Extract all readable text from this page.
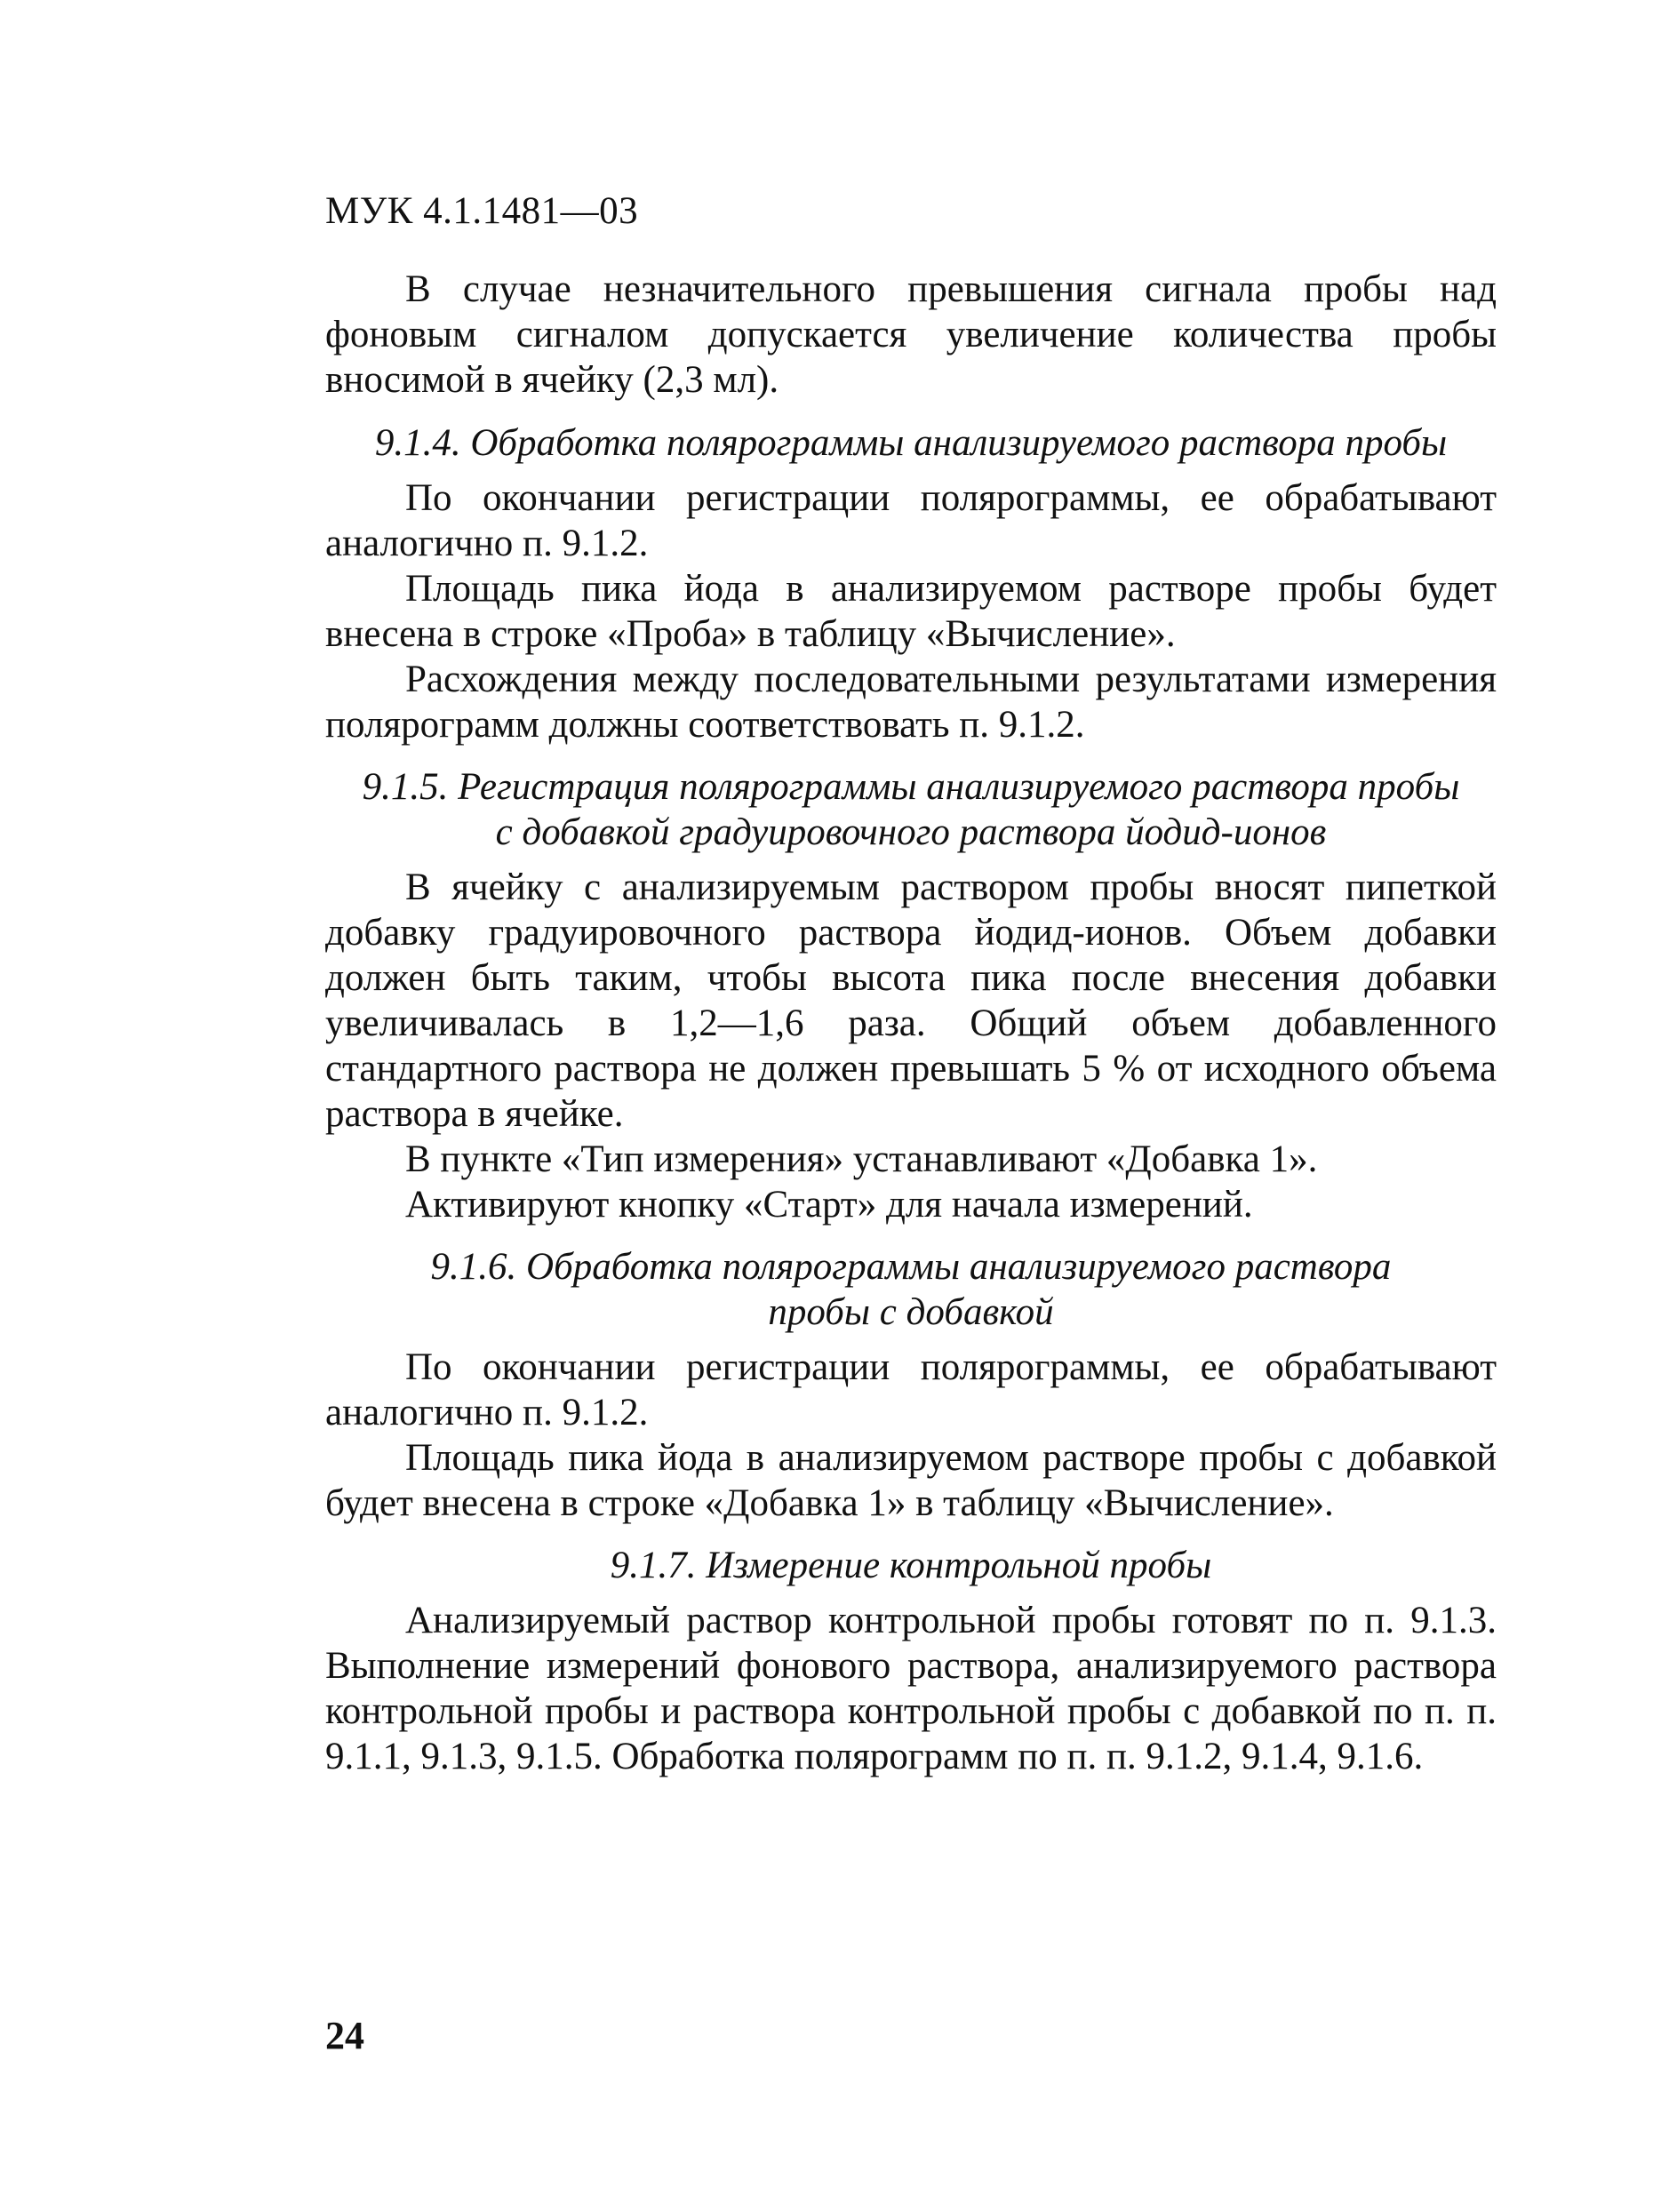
МУК 4.1.1481—03

В случае незначительного превышения сигнала пробы над фоновым сигналом допускается увеличение количества пробы вносимой в ячейку (2,3 мл).

9.1.4. Обработка полярограммы анализируемого раствора пробы

По окончании регистрации полярограммы, ее обрабатывают аналогично п. 9.1.2.

Площадь пика йода в анализируемом растворе пробы будет внесена в строке «Проба» в таблицу «Вычисление».

Расхождения между последовательными результатами измерения полярограмм должны соответствовать п. 9.1.2.

9.1.5. Регистрация полярограммы анализируемого раствора пробы
с добавкой градуировочного раствора йодид-ионов

В ячейку с анализируемым раствором пробы вносят пипеткой добавку градуировочного раствора йодид-ионов. Объем добавки должен быть таким, чтобы высота пика после внесения добавки увеличивалась в 1,2—1,6 раза. Общий объем добавленного стандартного раствора не должен превышать 5 % от исходного объема раствора в ячейке.

В пункте «Тип измерения» устанавливают «Добавка 1».

Активируют кнопку «Старт» для начала измерений.

9.1.6. Обработка полярограммы анализируемого раствора
пробы с добавкой

По окончании регистрации полярограммы, ее обрабатывают аналогично п. 9.1.2.

Площадь пика йода в анализируемом растворе пробы с добавкой будет внесена в строке «Добавка 1» в таблицу «Вычисление».

9.1.7. Измерение контрольной пробы

Анализируемый раствор контрольной пробы готовят по п. 9.1.3. Выполнение измерений фонового раствора, анализируемого раствора контрольной пробы и раствора контрольной пробы с добавкой по п. п. 9.1.1, 9.1.3, 9.1.5. Обработка полярограмм по п. п. 9.1.2, 9.1.4, 9.1.6.

24
